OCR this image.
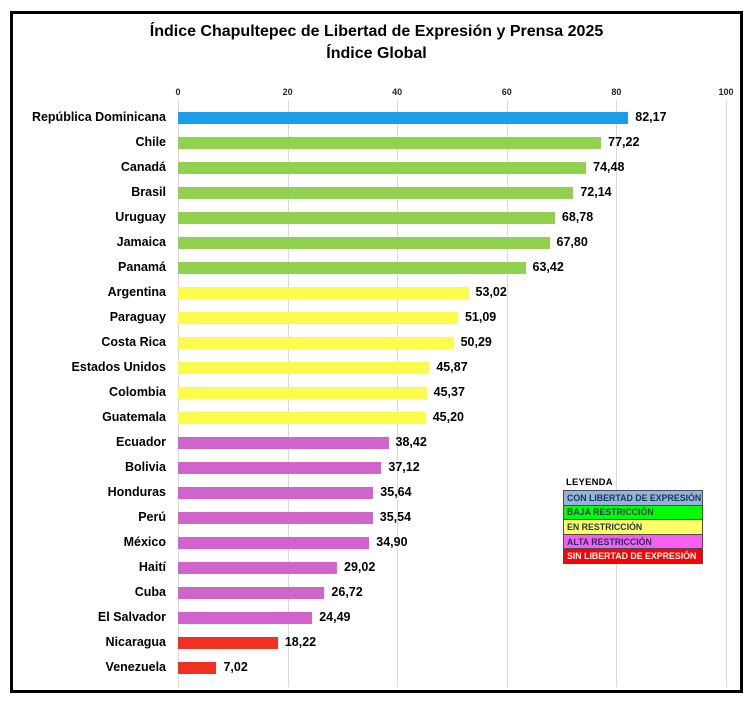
Índice Chapultepec de Libertad de Expresión y Prensa 2025
Índice Global
0	20	40	60	80	100
República Dominicana	82,17
Chile	77,22
Canadá	74,48
Brasil	72,14
Uruguay	68,78
Jamaica	67,80
Panamá	63,42
Argentina	53,02
Paraguay	51,09
Costa Rica	50,29
Estados Unidos	45,87
Colombia	45,37
Guatemala	45,20
Ecuador	38,42
Bolivia	37,12
Honduras	35,64
Perú	35,54
México	34,90
Haití	29,02
Cuba	26,72
El Salvador	24,49
Nicaragua	18,22
Venezuela	7,02
LEYENDA
CON LIBERTAD DE EXPRESIÓN
BAJA RESTRICCIÓN
EN RESTRICCIÓN
ALTA RESTRICCIÓN
SIN LIBERTAD DE EXPRESIÓN
